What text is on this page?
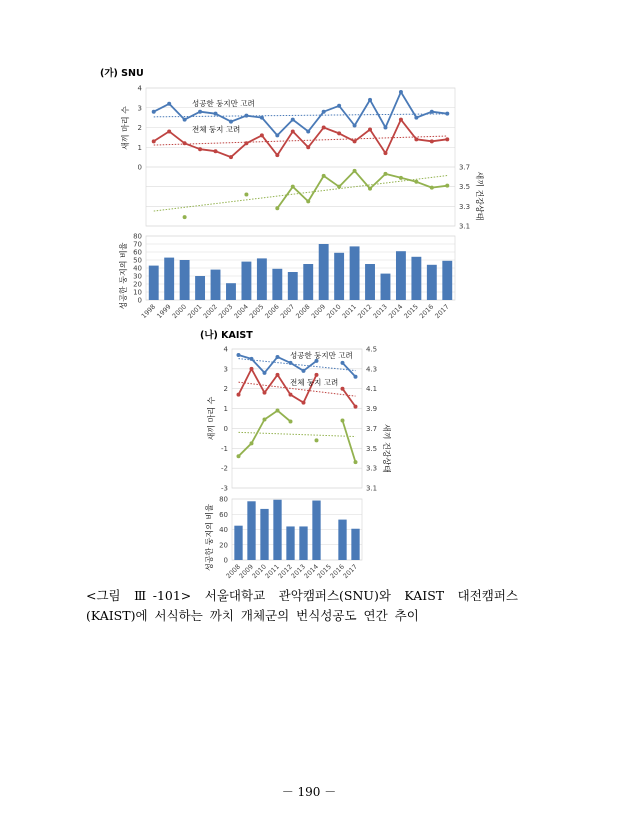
(가) SNU
0
1
2
3
4
3.1
3.3
3.5
3.7
새끼 마리 수
새끼 건강상태
성공한 둥지만 고려
전체 둥지 고려
0
10
20
30
40
50
60
70
80
1998
1999
2000
2001
2002
2003
2004
2005
2006
2007
2008
2009
2010
2011
2012
2013
2014
2015
2016
2017
성공한 둥지의 비율
(나) KAIST
-3
-2
-1
0
1
2
3
4
3.1
3.3
3.5
3.7
3.9
4.1
4.3
4.5
새끼 마리 수
새끼 건강상태
성공한 둥지만 고려
전체 둥지 고려
0
20
40
60
80
2008
2009
2010
2011
2012
2013
2014
2015
2016
2017
성공한 둥지의 비율
<그림 Ⅲ-101> 서울대학교 관악캠퍼스(SNU)와 KAIST 대전캠퍼스 (KAIST)에 서식하는 까치 개체군의 번식성공도 연간 추이
－ 190 －
